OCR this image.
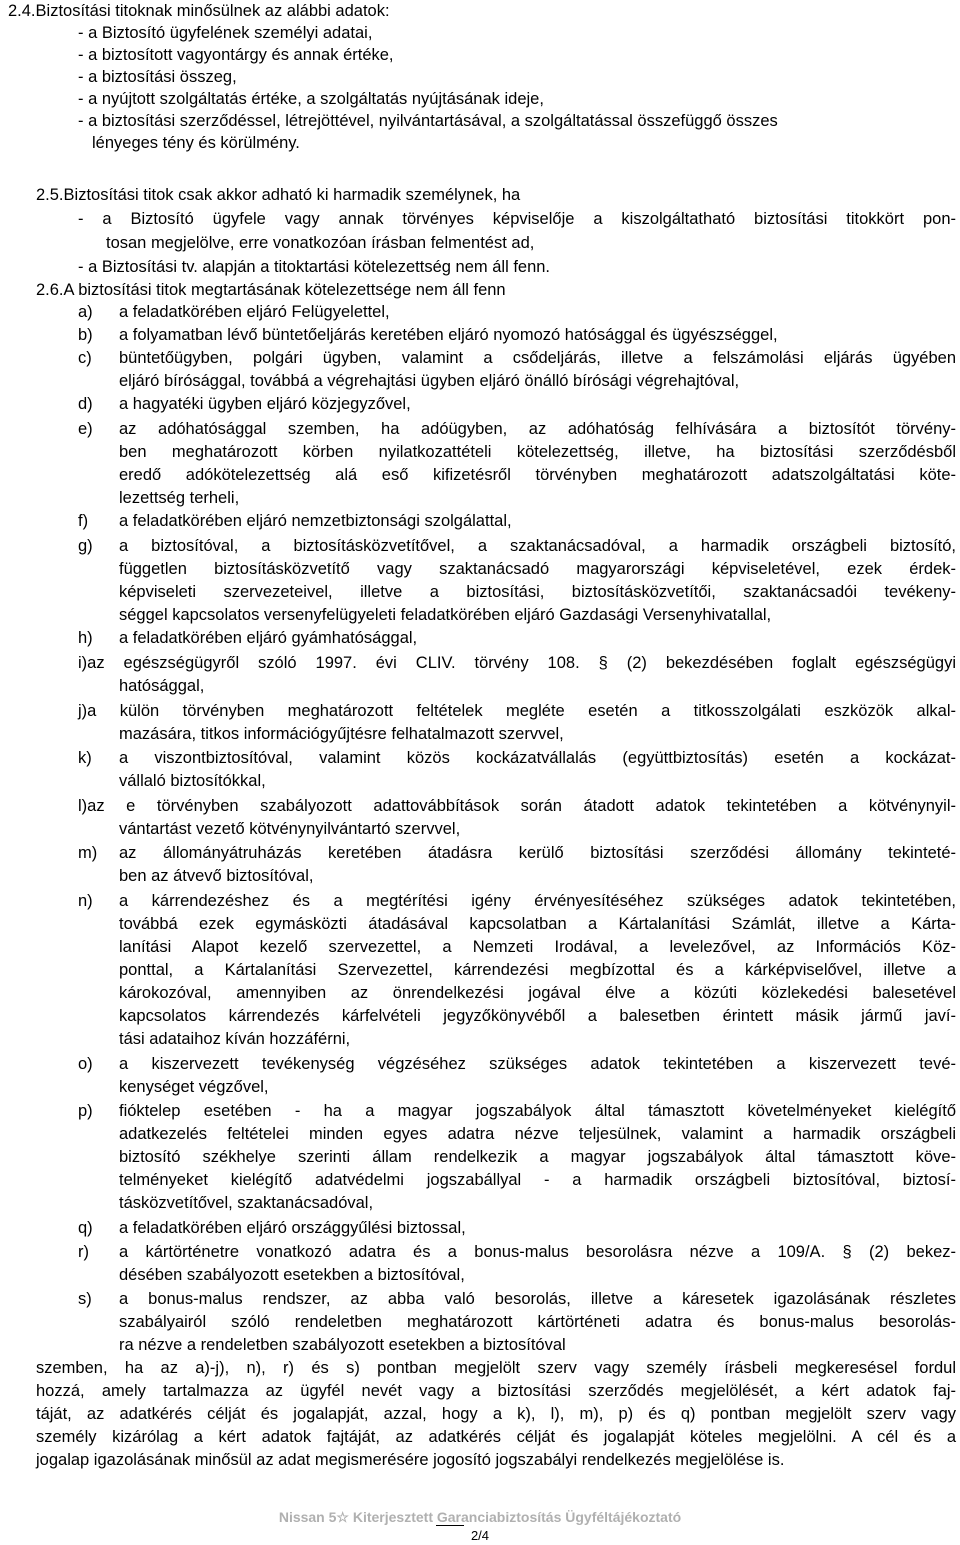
2.4.Biztosítási titoknak minősülnek az alábbi adatok:
- a Biztosító ügyfelének személyi adatai,
- a biztosított vagyontárgy és annak értéke,
- a biztosítási összeg,
- a nyújtott szolgáltatás értéke, a szolgáltatás nyújtásának ideje,
- a biztosítási szerződéssel, létrejöttével, nyilvántartásával, a szolgáltatással összefüggő összes
lényeges tény és körülmény.
2.5.Biztosítási titok csak akkor adható ki harmadik személynek, ha
- a Biztosító ügyfele vagy annak törvényes képviselője a kiszolgáltatható biztosítási titokkört pon-
tosan megjelölve, erre vonatkozóan írásban felmentést ad,
- a Biztosítási tv. alapján a titoktartási kötelezettség nem áll fenn.
2.6.A biztosítási titok megtartásának kötelezettsége nem áll fenn
a) a feladatkörében eljáró Felügyelettel,
b) a folyamatban lévő büntetőeljárás keretében eljáró nyomozó hatósággal és ügyészséggel,
c) büntetőügyben, polgári ügyben, valamint a csődeljárás, illetve a felszámolási eljárás ügyében
eljáró bírósággal, továbbá a végrehajtási ügyben eljáró önálló bírósági végrehajtóval,
d) a hagyatéki ügyben eljáró közjegyzővel,
e) az adóhatósággal szemben, ha adóügyben, az adóhatóság felhívására a biztosítót törvény-
ben meghatározott körben nyilatkozattételi kötelezettség, illetve, ha biztosítási szerződésből
eredő adókötelezettség alá eső kifizetésről törvényben meghatározott adatszolgáltatási köte-
lezettség terheli,
f) a feladatkörében eljáró nemzetbiztonsági szolgálattal,
g) a biztosítóval, a biztosításközvetítővel, a szaktanácsadóval, a harmadik országbeli biztosító,
független biztosításközvetítő vagy szaktanácsadó magyarországi képviseletével, ezek érdek-
képviseleti szervezeteivel, illetve a biztosítási, biztosításközvetítői, szaktanácsadói tevékeny-
séggel kapcsolatos versenyfelügyeleti feladatkörében eljáró Gazdasági Versenyhivatallal,
h) a feladatkörében eljáró gyámhatósággal,
i)az egészségügyről szóló 1997. évi CLIV. törvény 108. § (2) bekezdésében foglalt egészségügyi
hatósággal,
j)a külön törvényben meghatározott feltételek megléte esetén a titkosszolgálati eszközök alkal-
mazására, titkos információgyűjtésre felhatalmazott szervvel,
k) a viszontbiztosítóval, valamint közös kockázatvállalás (együttbiztosítás) esetén a kockázat-
vállaló biztosítókkal,
l)az e törvényben szabályozott adattovábbítások során átadott adatok tekintetében a kötvénynyil-
vántartást vezető kötvénynyilvántartó szervvel,
m) az állományátruházás keretében átadásra kerülő biztosítási szerződési állomány tekinteté-
ben az átvevő biztosítóval,
n) a kárrendezéshez és a megtérítési igény érvényesítéséhez szükséges adatok tekintetében,
továbbá ezek egymásközti átadásával kapcsolatban a Kártalanítási Számlát, illetve a Kárta-
lanítási Alapot kezelő szervezettel, a Nemzeti Irodával, a levelezővel, az Információs Köz-
ponttal, a Kártalanítási Szervezettel, kárrendezési megbízottal és a kárképviselővel, illetve a
károkozóval, amennyiben az önrendelkezési jogával élve a közúti közlekedési balesetével
kapcsolatos kárrendezés kárfelvételi jegyzőkönyvéből a balesetben érintett másik jármű javí-
tási adataihoz kíván hozzáférni,
o) a kiszervezett tevékenység végzéséhez szükséges adatok tekintetében a kiszervezett tevé-
kenységet végzővel,
p) fióktelep esetében - ha a magyar jogszabályok által támasztott követelményeket kielégítő
adatkezelés feltételei minden egyes adatra nézve teljesülnek, valamint a harmadik országbeli
biztosító székhelye szerinti állam rendelkezik a magyar jogszabályok által támasztott köve-
telményeket kielégítő adatvédelmi jogszabállyal - a harmadik országbeli biztosítóval, biztosí-
tásközvetítővel, szaktanácsadóval,
q) a feladatkörében eljáró országgyűlési biztossal,
r) a kártörténetre vonatkozó adatra és a bonus-malus besorolásra nézve a 109/A. § (2) bekez-
désében szabályozott esetekben a biztosítóval,
s) a bonus-malus rendszer, az abba való besorolás, illetve a káresetek igazolásának részletes
szabályairól szóló rendeletben meghatározott kártörténeti adatra és bonus-malus besorolás-
ra nézve a rendeletben szabályozott esetekben a biztosítóval
szemben, ha az a)-j), n), r) és s) pontban megjelölt szerv vagy személy írásbeli megkeresésel fordul
hozzá, amely tartalmazza az ügyfél nevét vagy a biztosítási szerződés megjelölését, a kért adatok faj-
táját, az adatkérés célját és jogalapját, azzal, hogy a k), l), m), p) és q) pontban megjelölt szerv vagy
személy kizárólag a kért adatok fajtáját, az adatkérés célját és jogalapját köteles megjelölni. A cél és a
jogalap igazolásának minősül az adat megismerésére jogosító jogszabályi rendelkezés megjelölése is.
Nissan 5☆ Kiterjesztett Garanciabiztosítás Ügyféltájékoztató
2/4
